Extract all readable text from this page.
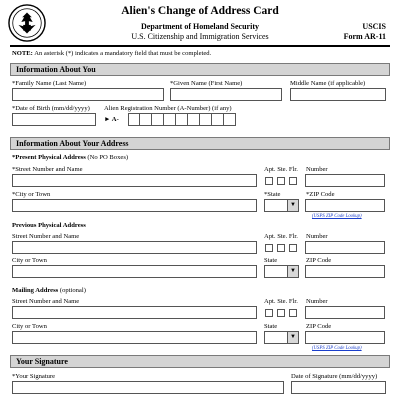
Alien's Change of Address Card
Department of Homeland Security
U.S. Citizenship and Immigration Services
USCIS
Form AR-11
NOTE: An asterisk (*) indicates a mandatory field that must be completed.
Information About You
*Family Name (Last Name)	*Given Name (First Name)	Middle Name (if applicable)
*Date of Birth (mm/dd/yyyy) Alien Registration Number (A-Number) (if any)
► A-
Information About Your Address
*Present Physical Address (No PO Boxes)
*Street Number and Name	Apt. Ste. Flr. Number
*City or Town	*State	*ZIP Code
▼
(USPS ZIP Code Lookup)
Previous Physical Address
Street Number and Name	Apt. Ste. Flr. Number
City or Town	State	ZIP Code
▼
Mailing Address (optional)
Street Number and Name	Apt. Ste. Flr. Number
City or Town	State	ZIP Code
▼
(USPS ZIP Code Lookup)
Your Signature
*Your Signature	Date of Signature (mm/dd/yyyy)
